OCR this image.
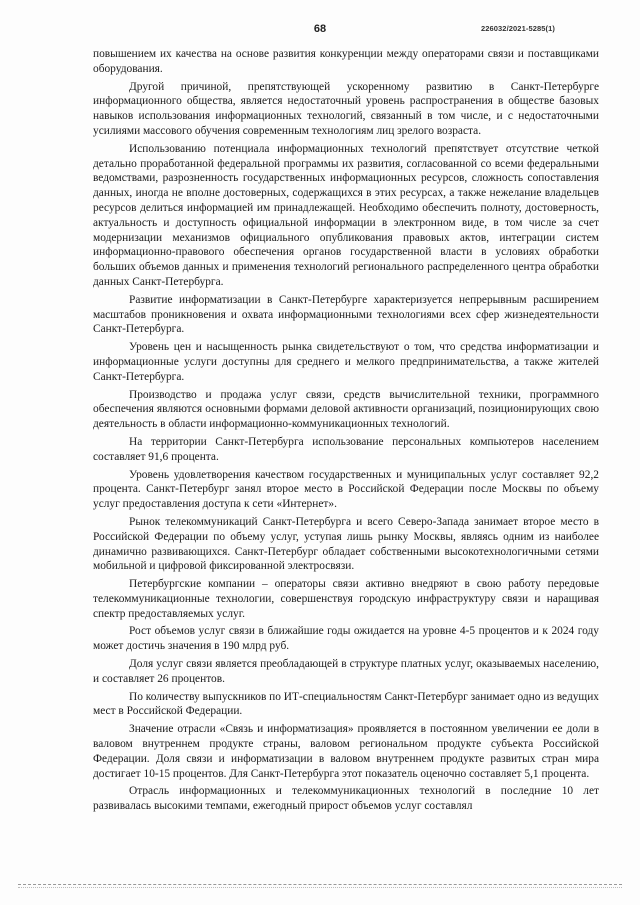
68	226032/2021-5285(1)

повышением их качества на основе развития конкуренции между операторами связи и поставщиками оборудования.

Другой причиной, препятствующей ускоренному развитию в Санкт-Петербурге информационного общества, является недостаточный уровень распространения в обществе базовых навыков использования информационных технологий, связанный в том числе, и с недостаточными усилиями массового обучения современным технологиям лиц зрелого возраста.

Использованию потенциала информационных технологий препятствует отсутствие четкой детально проработанной федеральной программы их развития, согласованной со всеми федеральными ведомствами, разрозненность государственных информационных ресурсов, сложность сопоставления данных, иногда не вполне достоверных, содержащихся в этих ресурсах, а также нежелание владельцев ресурсов делиться информацией им принадлежащей. Необходимо обеспечить полноту, достоверность, актуальность и доступность официальной информации в электронном виде, в том числе за счет модернизации механизмов официального опубликования правовых актов, интеграции систем информационно-правового обеспечения органов государственной власти в условиях обработки больших объемов данных и применения технологий регионального распределенного центра обработки данных Санкт-Петербурга.

Развитие информатизации в Санкт-Петербурге характеризуется непрерывным расширением масштабов проникновения и охвата информационными технологиями всех сфер жизнедеятельности Санкт-Петербурга.

Уровень цен и насыщенность рынка свидетельствуют о том, что средства информатизации и информационные услуги доступны для среднего и мелкого предпринимательства, а также жителей Санкт-Петербурга.

Производство и продажа услуг связи, средств вычислительной техники, программного обеспечения являются основными формами деловой активности организаций, позиционирующих свою деятельность в области информационно-коммуникационных технологий.

На территории Санкт-Петербурга использование персональных компьютеров населением составляет 91,6 процента.

Уровень удовлетворения качеством государственных и муниципальных услуг составляет 92,2 процента. Санкт-Петербург занял второе место в Российской Федерации после Москвы по объему услуг предоставления доступа к сети «Интернет».

Рынок телекоммуникаций Санкт-Петербурга и всего Северо-Запада занимает второе место в Российской Федерации по объему услуг, уступая лишь рынку Москвы, являясь одним из наиболее динамично развивающихся. Санкт-Петербург обладает собственными высокотехнологичными сетями мобильной и цифровой фиксированной электросвязи.

Петербургские компании – операторы связи активно внедряют в свою работу передовые телекоммуникационные технологии, совершенствуя городскую инфраструктуру связи и наращивая спектр предоставляемых услуг.

Рост объемов услуг связи в ближайшие годы ожидается на уровне 4-5 процентов и к 2024 году может достичь значения в 190 млрд руб.

Доля услуг связи является преобладающей в структуре платных услуг, оказываемых населению, и составляет 26 процентов.

По количеству выпускников по ИТ-специальностям Санкт-Петербург занимает одно из ведущих мест в Российской Федерации.

Значение отрасли «Связь и информатизация» проявляется в постоянном увеличении ее доли в валовом внутреннем продукте страны, валовом региональном продукте субъекта Российской Федерации. Доля связи и информатизации в валовом внутреннем продукте развитых стран мира достигает 10-15 процентов. Для Санкт-Петербурга этот показатель оценочно составляет 5,1 процента.

Отрасль информационных и телекоммуникационных технологий в последние 10 лет развивалась высокими темпами, ежегодный прирост объемов услуг составлял
